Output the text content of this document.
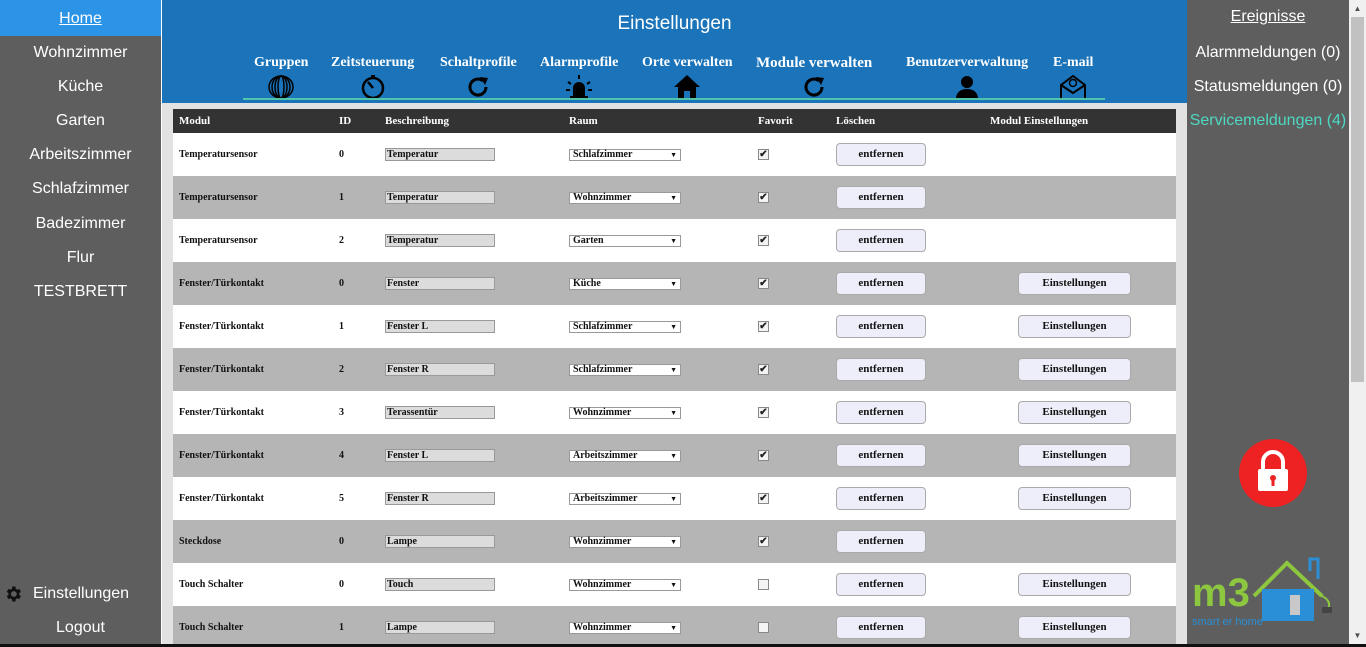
Home
Wohnzimmer
Küche
Garten
Arbeitszimmer
Schlafzimmer
Badezimmer
Flur
TESTBRETT
Einstellungen
Logout
Einstellungen
Gruppen Zeitsteuerung Schaltprofile Alarmprofile Orte verwalten Module verwalten Benutzerverwaltung E-mail
Modul	ID	Beschreibung	Raum	Favorit	Löschen	Modul Einstellungen
Temperatursensor	0	Temperatur	Schlafzimmer ▼	✔	entfernen	
Temperatursensor	1	Temperatur	Wohnzimmer ▼	✔	entfernen	
Temperatursensor	2	Temperatur	Garten ▼	✔	entfernen	
Fenster/Türkontakt	0	Fenster	Küche ▼	✔	entfernen	Einstellungen
Fenster/Türkontakt	1	Fenster L	Schlafzimmer ▼	✔	entfernen	Einstellungen
Fenster/Türkontakt	2	Fenster R	Schlafzimmer ▼	✔	entfernen	Einstellungen
Fenster/Türkontakt	3	Terassentür	Wohnzimmer ▼	✔	entfernen	Einstellungen
Fenster/Türkontakt	4	Fenster L	Arbeitszimmer ▼	✔	entfernen	Einstellungen
Fenster/Türkontakt	5	Fenster R	Arbeitszimmer ▼	✔	entfernen	Einstellungen
Steckdose	0	Lampe	Wohnzimmer ▼	✔	entfernen	
Touch Schalter	0	Touch	Wohnzimmer ▼		entfernen	Einstellungen
Touch Schalter	1	Lampe	Wohnzimmer ▼		entfernen	Einstellungen
Ereignisse
Alarmmeldungen (0)
Statusmeldungen (0)
Servicemeldungen (4)
m3
smart er home
▲
▼
